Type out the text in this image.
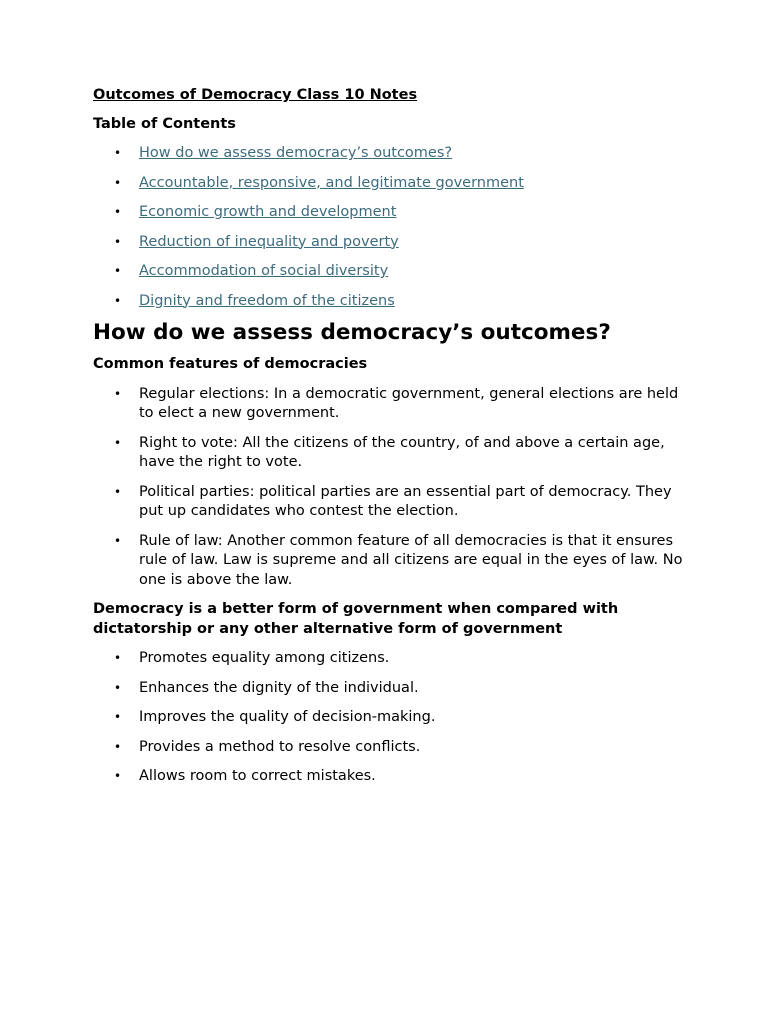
Outcomes of Democracy Class 10 Notes
Table of Contents
• How do we assess democracy’s outcomes?
• Accountable, responsive, and legitimate government
• Economic growth and development
• Reduction of inequality and poverty
• Accommodation of social diversity
• Dignity and freedom of the citizens
How do we assess democracy’s outcomes?
Common features of democracies
• Regular elections: In a democratic government, general elections are held to elect a new government.
• Right to vote: All the citizens of the country, of and above a certain age, have the right to vote.
• Political parties: political parties are an essential part of democracy. They put up candidates who contest the election.
• Rule of law: Another common feature of all democracies is that it ensures rule of law. Law is supreme and all citizens are equal in the eyes of law. No one is above the law.
Democracy is a better form of government when compared with dictatorship or any other alternative form of government
• Promotes equality among citizens.
• Enhances the dignity of the individual.
• Improves the quality of decision-making.
• Provides a method to resolve conflicts.
• Allows room to correct mistakes.
